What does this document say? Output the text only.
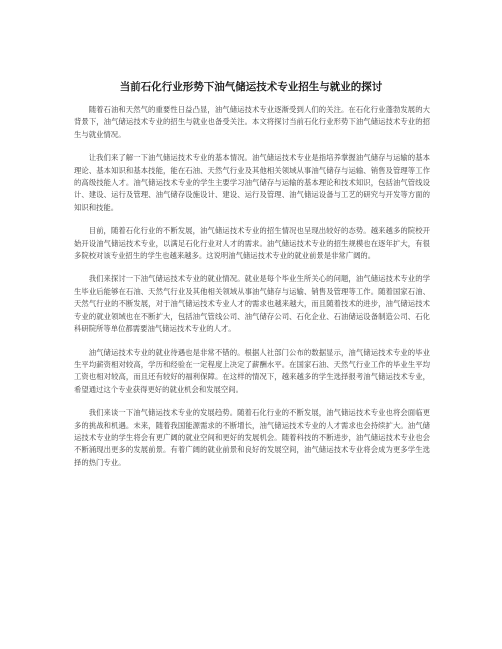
当前石化行业形势下油气储运技术专业招生与就业的探讨

随着石油和天然气的重要性日益凸显，油气储运技术专业逐渐受到人们的关注。在石化行业蓬勃发展的大背景下，油气储运技术专业的招生与就业也备受关注。本文将探讨当前石化行业形势下油气储运技术专业的招生与就业情况。

让我们来了解一下油气储运技术专业的基本情况。油气储运技术专业是指培养掌握油气储存与运输的基本理论、基本知识和基本技能，能在石油、天然气行业及其他相关领域从事油气储存与运输、销售及管理等工作的高级技能人才。油气储运技术专业的学生主要学习油气储存与运输的基本理论和技术知识，包括油气管线设计、建设、运行及管理、油气储存设施设计、建设、运行及管理、油气储运设备与工艺的研究与开发等方面的知识和技能。

目前，随着石化行业的不断发展，油气储运技术专业的招生情况也呈现出较好的态势。越来越多的院校开始开设油气储运技术专业，以满足石化行业对人才的需求。油气储运技术专业的招生规模也在逐年扩大，有很多院校对该专业招生的学生也越来越多。这说明油气储运技术专业的就业前景是非常广阔的。

我们来探讨一下油气储运技术专业的就业情况。就业是每个毕业生所关心的问题，油气储运技术专业的学生毕业后能够在石油、天然气行业及其他相关领域从事油气储存与运输、销售及管理等工作。随着国家石油、天然气行业的不断发展，对于油气储运技术专业人才的需求也越来越大，而且随着技术的进步，油气储运技术专业的就业领域也在不断扩大，包括油气管线公司、油气储存公司、石化企业、石油储运设备制造公司、石化科研院所等单位都需要油气储运技术专业的人才。

油气储运技术专业的就业待遇也是非常不错的。根据人社部门公布的数据显示，油气储运技术专业的毕业生平均薪资相对较高，学历和经验在一定程度上决定了薪酬水平。在国家石油、天然气行业工作的毕业生平均工资也相对较高，而且还有较好的福利保障。在这样的情况下，越来越多的学生选择报考油气储运技术专业，希望通过这个专业获得更好的就业机会和发展空间。

我们来谈一下油气储运技术专业的发展趋势。随着石化行业的不断发展，油气储运技术专业也将会面临更多的挑战和机遇。未来，随着我国能源需求的不断增长，油气储运技术专业的人才需求也会持续扩大。油气储运技术专业的学生将会有更广阔的就业空间和更好的发展机会。随着科技的不断进步，油气储运技术专业也会不断涌现出更多的发展前景。有着广阔的就业前景和良好的发展空间，油气储运技术专业将会成为更多学生选择的热门专业。
